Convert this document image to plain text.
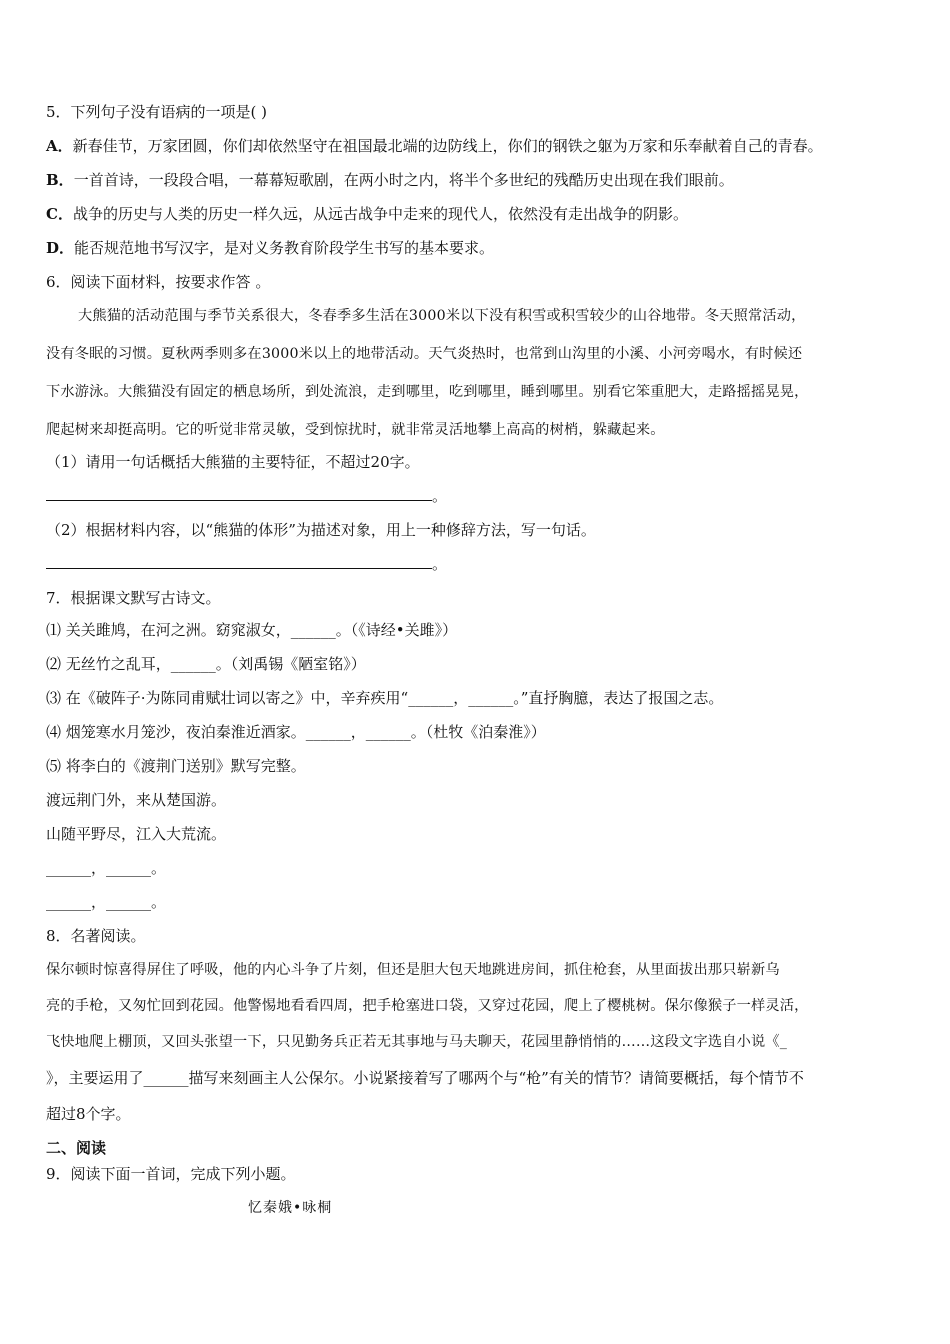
5．下列句子没有语病的一项是( )
A．新春佳节，万家团圆，你们却依然坚守在祖国最北端的边防线上，你们的钢铁之躯为万家和乐奉献着自己的青春。
B．一首首诗，一段段合唱，一幕幕短歌剧，在两小时之内，将半个多世纪的残酷历史出现在我们眼前。
C．战争的历史与人类的历史一样久远，从远古战争中走来的现代人，依然没有走出战争的阴影。
D．能否规范地书写汉字，是对义务教育阶段学生书写的基本要求。
6．阅读下面材料，按要求作答 。
大熊猫的活动范围与季节关系很大，冬春季多生活在3000米以下没有积雪或积雪较少的山谷地带。冬天照常活动，
没有冬眠的习惯。夏秋两季则多在3000米以上的地带活动。天气炎热时，也常到山沟里的小溪、小河旁喝水，有时候还
下水游泳。大熊猫没有固定的栖息场所，到处流浪，走到哪里，吃到哪里，睡到哪里。别看它笨重肥大，走路摇摇晃晃，
爬起树来却挺高明。它的听觉非常灵敏，受到惊扰时，就非常灵活地攀上高高的树梢，躲藏起来。
（1）请用一句话概括大熊猫的主要特征，不超过20字。
。
（2）根据材料内容，以“熊猫的体形”为描述对象，用上一种修辞方法，写一句话。
。
7．根据课文默写古诗文。
⑴ 关关雎鸠，在河之洲。窈窕淑女，______。（《诗经•关雎》）
⑵ 无丝竹之乱耳，______。（刘禹锡《陋室铭》）
⑶ 在《破阵子·为陈同甫赋壮词以寄之》中，辛弃疾用“______，______。”直抒胸臆，表达了报国之志。
⑷ 烟笼寒水月笼沙，夜泊秦淮近酒家。______，______。（杜牧《泊秦淮》）
⑸ 将李白的《渡荆门送别》默写完整。
渡远荆门外，来从楚国游。
山随平野尽，江入大荒流。
______，______。
______，______。
8．名著阅读。
保尔顿时惊喜得屏住了呼吸，他的内心斗争了片刻，但还是胆大包天地跳进房间，抓住枪套，从里面拔出那只崭新乌
亮的手枪，又匆忙回到花园。他警惕地看看四周，把手枪塞进口袋，又穿过花园，爬上了樱桃树。保尔像猴子一样灵活，
飞快地爬上棚顶，又回头张望一下，只见勤务兵正若无其事地与马夫聊天，花园里静悄悄的……这段文字选自小说《_
》，主要运用了______描写来刻画主人公保尔。小说紧接着写了哪两个与“枪”有关的情节？请简要概括，每个情节不
超过8个字。
二、阅读
9．阅读下面一首词，完成下列小题。
忆秦娥•咏桐
